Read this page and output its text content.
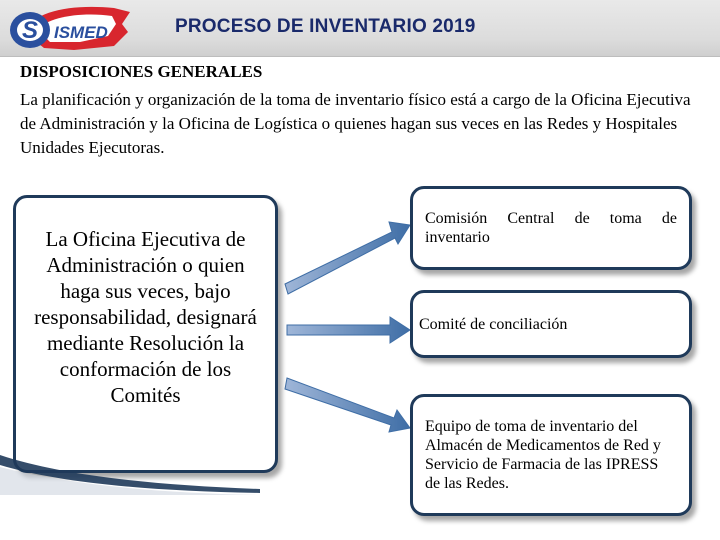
S ISMED	PROCESO DE INVENTARIO 2019
DISPOSICIONES GENERALES
La planificación y organización de la toma de inventario físico está a cargo de la Oficina Ejecutiva de Administración y la Oficina de Logística o quienes hagan sus veces en las Redes y Hospitales Unidades Ejecutoras.
La Oficina Ejecutiva de Administración o quien haga sus veces, bajo responsabilidad, designará mediante Resolución la conformación de los Comités
Comisión Central de toma de inventario
Comité de conciliación
Equipo de toma de inventario del Almacén de Medicamentos de Red y Servicio de Farmacia de las IPRESS de las Redes.
